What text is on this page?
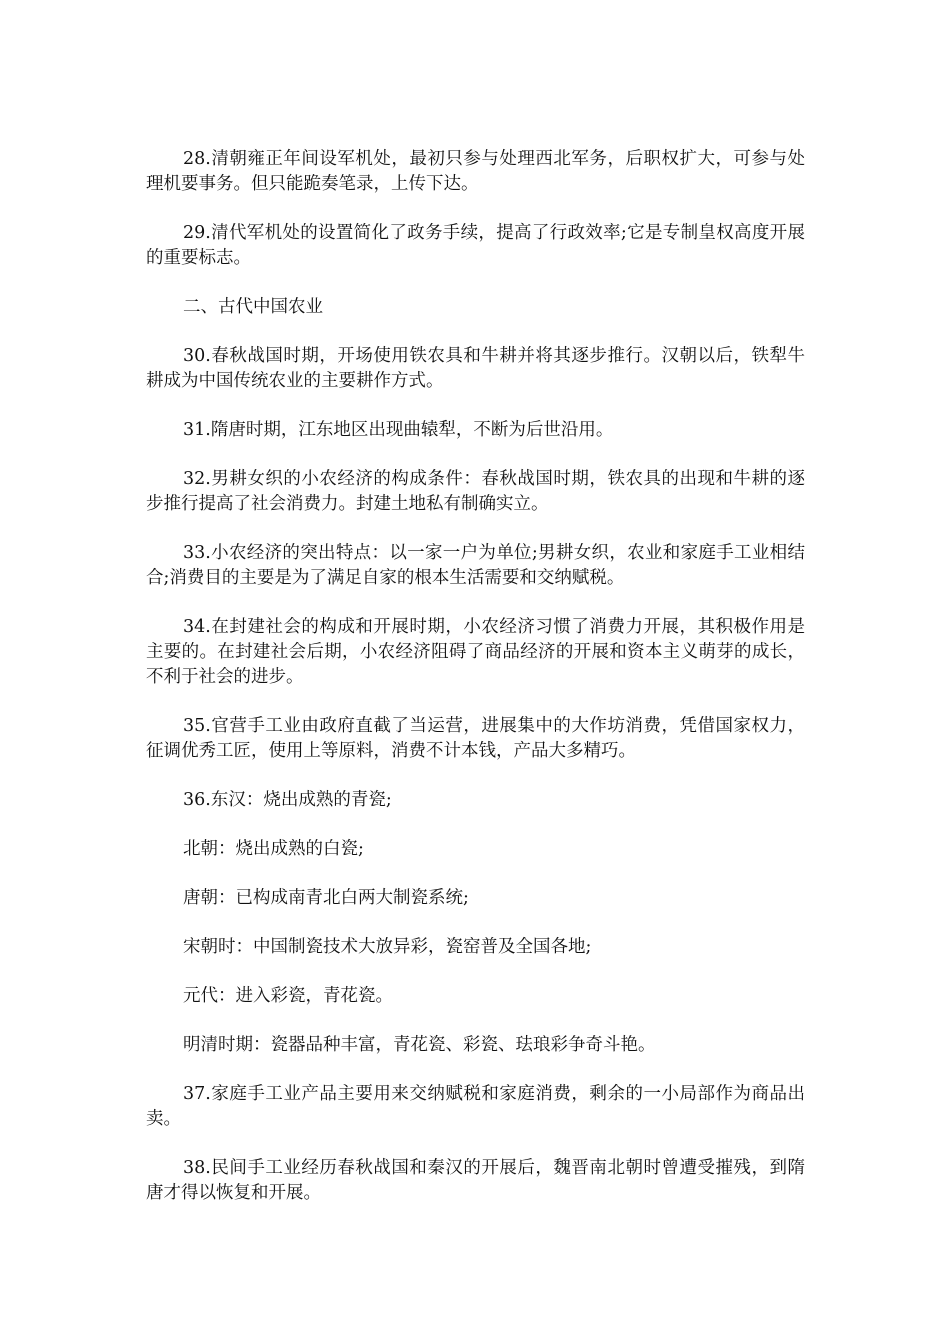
28.清朝雍正年间设军机处，最初只参与处理西北军务，后职权扩大，可参与处理机要事务。但只能跪奏笔录，上传下达。

29.清代军机处的设置简化了政务手续，提高了行政效率;它是专制皇权高度开展的重要标志。

二、古代中国农业

30.春秋战国时期，开场使用铁农具和牛耕并将其逐步推行。汉朝以后，铁犁牛耕成为中国传统农业的主要耕作方式。

31.隋唐时期，江东地区出现曲辕犁，不断为后世沿用。

32.男耕女织的小农经济的构成条件：春秋战国时期，铁农具的出现和牛耕的逐步推行提高了社会消费力。封建土地私有制确实立。

33.小农经济的突出特点：以一家一户为单位;男耕女织，农业和家庭手工业相结合;消费目的主要是为了满足自家的根本生活需要和交纳赋税。

34.在封建社会的构成和开展时期，小农经济习惯了消费力开展，其积极作用是主要的。在封建社会后期，小农经济阻碍了商品经济的开展和资本主义萌芽的成长，不利于社会的进步。

35.官营手工业由政府直截了当运营，进展集中的大作坊消费，凭借国家权力，征调优秀工匠，使用上等原料，消费不计本钱，产品大多精巧。

36.东汉：烧出成熟的青瓷;

北朝：烧出成熟的白瓷;

唐朝：已构成南青北白两大制瓷系统;

宋朝时：中国制瓷技术大放异彩，瓷窑普及全国各地;

元代：进入彩瓷，青花瓷。

明清时期：瓷器品种丰富，青花瓷、彩瓷、珐琅彩争奇斗艳。

37.家庭手工业产品主要用来交纳赋税和家庭消费，剩余的一小局部作为商品出卖。

38.民间手工业经历春秋战国和秦汉的开展后，魏晋南北朝时曾遭受摧残，到隋唐才得以恢复和开展。
